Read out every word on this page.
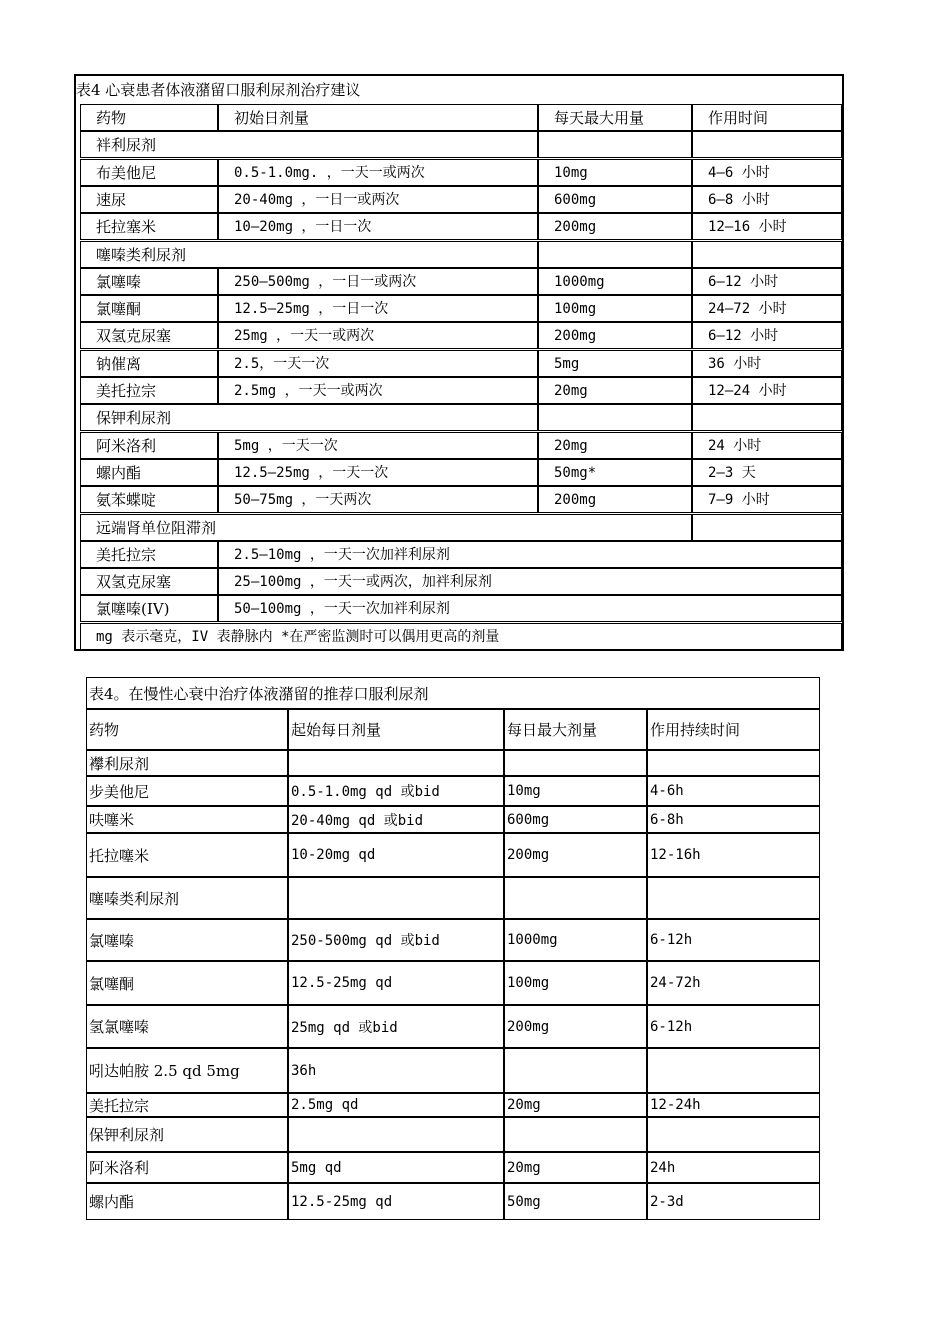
表4 心衰患者体液潴留口服利尿剂治疗建议
药物	初始日剂量	每天最大用量	作用时间
袢利尿剂
布美他尼	0.5-1.0mg. ，一天一或两次	10mg	4—6 小时
速尿	20-40mg ，一日一或两次	600mg	6—8 小时
托拉塞米	10—20mg ，一日一次	200mg	12—16 小时
噻嗪类利尿剂
氯噻嗪	250—500mg ，一日一或两次	1000mg	6—12 小时
氯噻酮	12.5—25mg ，一日一次	100mg	24—72 小时
双氢克尿塞	25mg ，一天一或两次	200mg	6—12 小时
钠催离	2.5，一天一次	5mg	36 小时
美托拉宗	2.5mg ，一天一或两次	20mg	12—24 小时
保钾利尿剂
阿米洛利	5mg ，一天一次	20mg	24 小时
螺内酯	12.5—25mg ，一天一次	50mg*	2—3 天
氨苯蝶啶	50—75mg ，一天两次	200mg	7—9 小时
远端肾单位阻滞剂
美托拉宗	2.5—10mg ，一天一次加袢利尿剂
双氢克尿塞	25—100mg ，一天一或两次，加袢利尿剂
氯噻嗪(IV)	50—100mg ，一天一次加袢利尿剂
mg 表示毫克，IV 表静脉内 *在严密监测时可以偶用更高的剂量
表4。在慢性心衰中治疗体液潴留的推荐口服利尿剂
药物	起始每日剂量	每日最大剂量	作用持续时间
襻利尿剂
步美他尼	0.5-1.0mg qd 或bid	10mg	4-6h
呋噻米	20-40mg qd 或bid	600mg	6-8h
托拉噻米	10-20mg qd	200mg	12-16h
噻嗪类利尿剂
氯噻嗪	250-500mg qd 或bid	1000mg	6-12h
氯噻酮	12.5-25mg qd	100mg	24-72h
氢氯噻嗪	25mg qd 或bid	200mg	6-12h
吲达帕胺 2.5 qd 5mg	36h
美托拉宗	2.5mg qd	20mg	12-24h
保钾利尿剂
阿米洛利	5mg qd	20mg	24h
螺内酯	12.5-25mg qd	50mg	2-3d
